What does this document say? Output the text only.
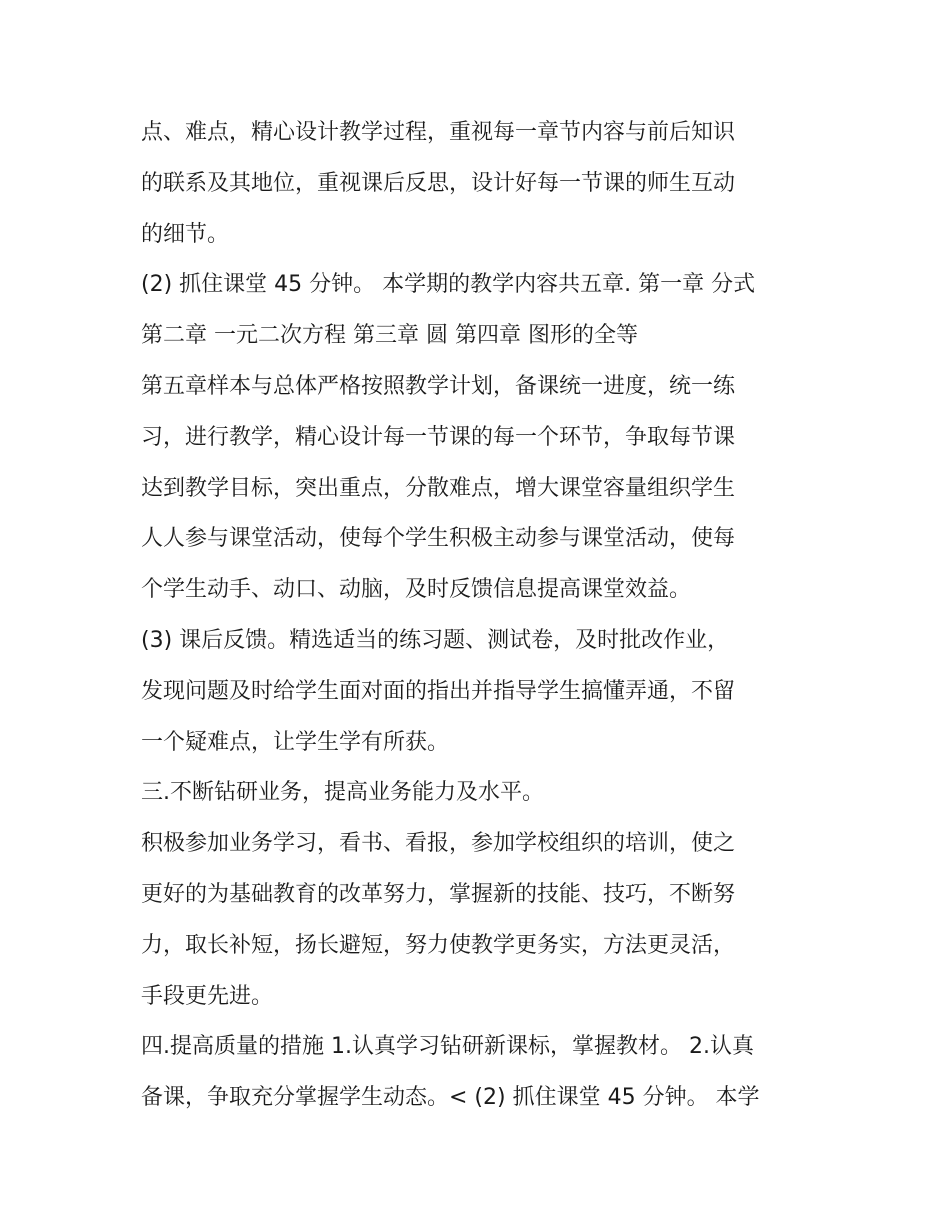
点、难点，精心设计教学过程，重视每一章节内容与前后知识
的联系及其地位，重视课后反思，设计好每一节课的师生互动
的细节。
(2) 抓住课堂 45 分钟。 本学期的教学内容共五章. 第一章 分式
第二章 一元二次方程 第三章 圆 第四章 图形的全等
第五章样本与总体严格按照教学计划，备课统一进度，统一练
习，进行教学，精心设计每一节课的每一个环节，争取每节课
达到教学目标，突出重点，分散难点，增大课堂容量组织学生
人人参与课堂活动，使每个学生积极主动参与课堂活动，使每
个学生动手、动口、动脑，及时反馈信息提高课堂效益。
(3) 课后反馈。精选适当的练习题、测试卷，及时批改作业，
发现问题及时给学生面对面的指出并指导学生搞懂弄通，不留
一个疑难点，让学生学有所获。
三.不断钻研业务，提高业务能力及水平。
积极参加业务学习，看书、看报，参加学校组织的培训，使之
更好的为基础教育的改革努力，掌握新的技能、技巧，不断努
力，取长补短，扬长避短，努力使教学更务实，方法更灵活，
手段更先进。
四.提高质量的措施 1.认真学习钻研新课标，掌握教材。 2.认真
备课，争取充分掌握学生动态。< (2) 抓住课堂 45 分钟。 本学
